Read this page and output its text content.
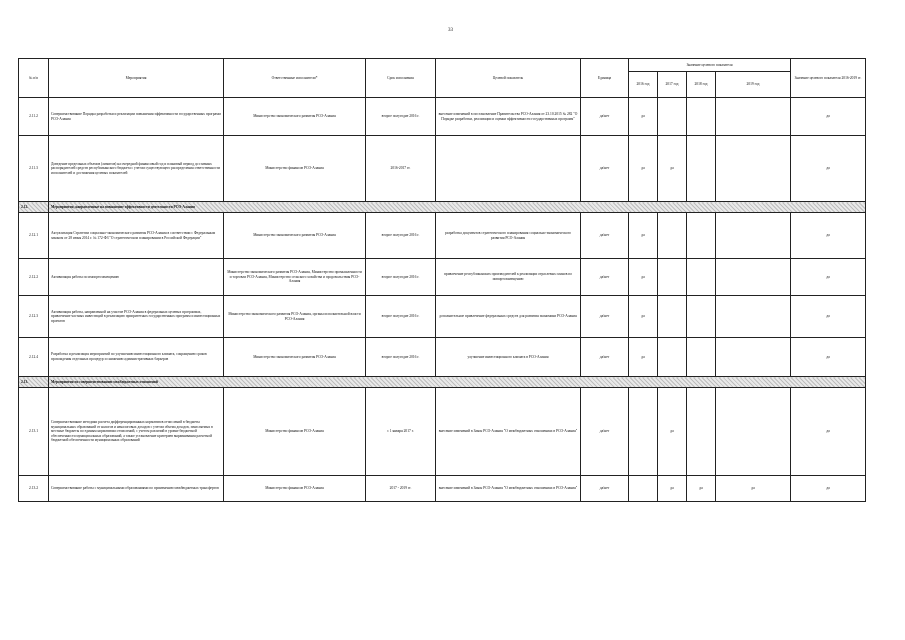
33
№ п/п	Мероприятия	Ответственные исполнители*	Срок исполнения	Целевой показатель	Единица	Значение целевого показателя				Значение целевого показателя 2016-2019 гг.
						2016 год	2017 год	2018 год	2019 год	
2.11.2	Совершенствование Порядка разработки и реализации повышения эффективности государственных программ РСО-Алания	Министерство экономического развития РСО-Алания	второе полугодие 2016 г.	внесение изменений в постановление Правительства РСО-Алания от 23.10.2015 № 282 "О Порядке разработки, реализации и оценки эффективности государственных программ"	да/нет	да				да
2.11.3	Доведение предельных объемов (лимитов) на очередной финансовый год и плановый период до главных распорядителей средств республиканского бюджета с учетом существующего распределения ответственности исполнителей и достижения целевых показателей	Министерство финансов РСО-Алания	2016-2017 гг.		да/нет	да	да			да
2.12.	Мероприятия, направленные на повышение эффективности деятельности РСО-Алания									
2.12.1	Актуализация Стратегии социально-экономического развития РСО-Алания в соответствии с Федеральным законом от 28 июня 2014 г. № 172-ФЗ "О стратегическом планировании в Российской Федерации"	Министерство экономического развития РСО-Алания	второе полугодие 2016 г.	разработка документов стратегического планирования социально-экономического развития РСО-Алания	да/нет	да				да
2.12.2	Активизация работы по импортозамещению	Министерство экономического развития РСО-Алания, Министерство промышленности и торговли РСО-Алания, Министерство сельского хозяйства и продовольствия РСО-Алания	второе полугодие 2016 г.	привлечение республиканских производителей к реализации отраслевых планов по импортозамещению	да/нет	да				да
2.12.3	Активизация работы, направленной на участие РСО-Алания в федеральных целевых программах, привлечение частных инвестиций в реализацию приоритетных государственных программ и инвестиционных проектов	Министерство экономического развития РСО-Алания, органы исполнительной власти РСО-Алания	второе полугодие 2016 г.	дополнительное привлечение федеральных средств для развития экономики РСО-Алания	да/нет	да				да
2.12.4	Разработка и реализация мероприятий по улучшению инвестиционного климата, сокращению сроков прохождения отдельных процедур и снижению административных барьеров	Министерство экономического развития РСО-Алания	второе полугодие 2016 г.	улучшение инвестиционного климата в РСО-Алания	да/нет	да				да
2.13.	Мероприятия по совершенствованию межбюджетных отношений									
2.13.1	Совершенствование методики расчета дифференцированных нормативов отчислений в бюджеты муниципальных образований от налогов и неналоговых доходов с учетом объема доходов, зачисляемых в местные бюджеты по единым нормативам отчислений, с учетом различий в уровне бюджетной обеспеченности муниципальных образований, а также установление критериев выравнивания расчетной бюджетной обеспеченности муниципальных образований	Министерство финансов РСО-Алания	с 1 января 2017 г.	внесение изменений в Закон РСО-Алания "О межбюджетных отношениях в РСО-Алания"	да/нет		да			да
2.13.2	Совершенствование работы с муниципальными образованиями по применению межбюджетных трансфертов	Министерство финансов РСО-Алания	2017 - 2019 гг.	внесение изменений в Закон РСО-Алания "О межбюджетных отношениях в РСО-Алания"	да/нет		да	да	да	да
